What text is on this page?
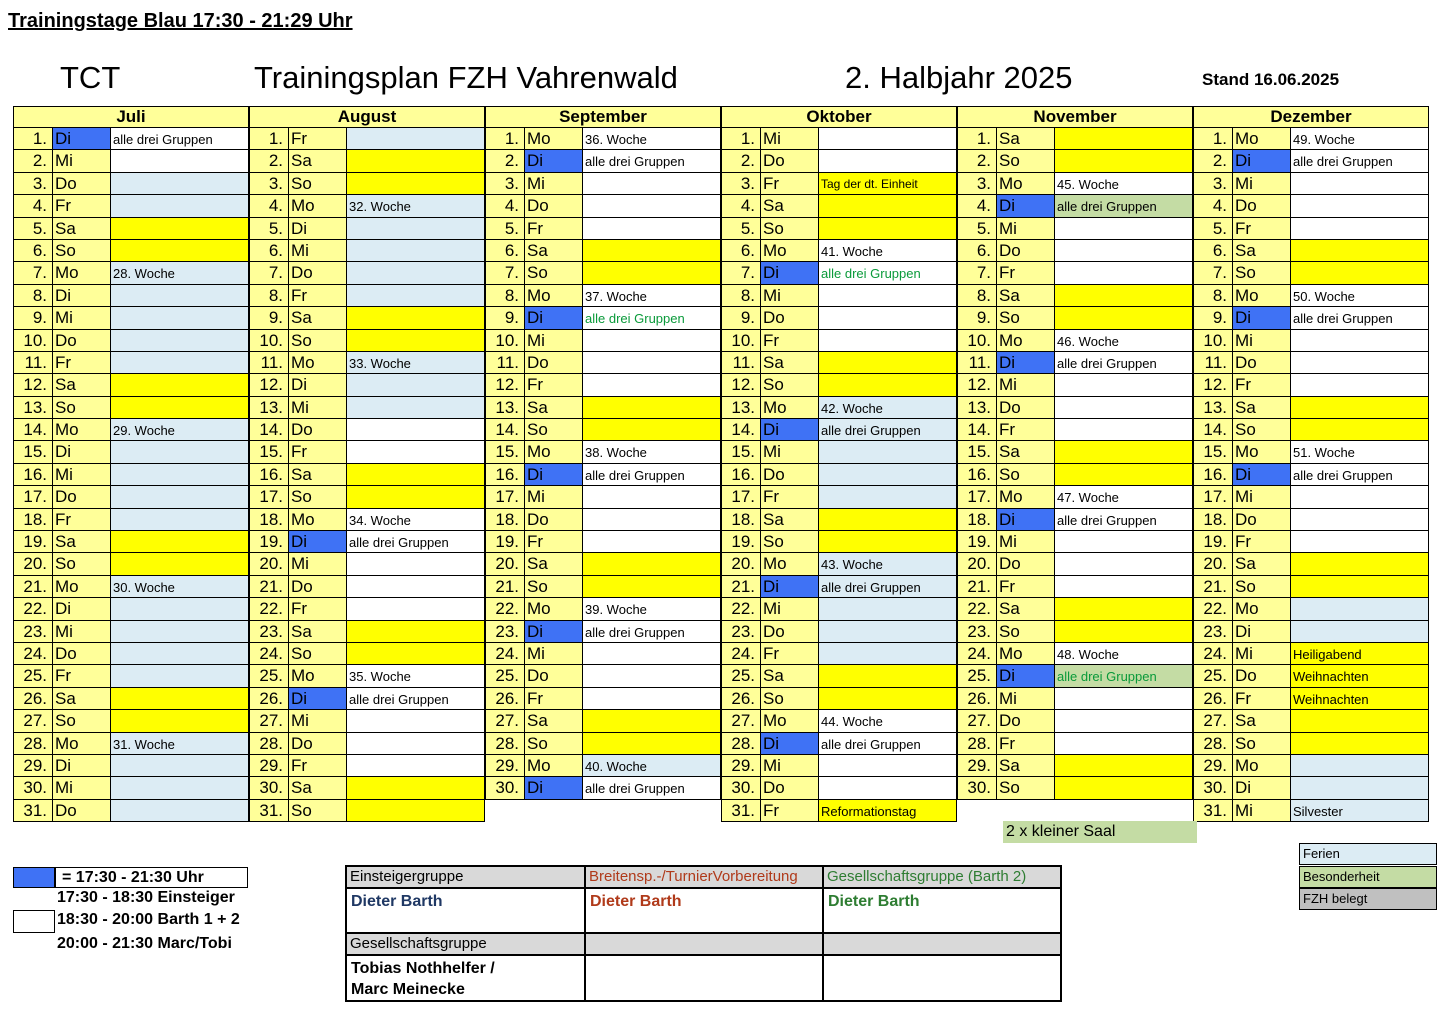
Trainingstage Blau 17:30 - 21:29 Uhr
TCT	Trainingsplan FZH Vahrenwald	2. Halbjahr 2025	Stand 16.06.2025
Juli
1. Di	alle drei Gruppen
2. Mi
3. Do
4. Fr
5. Sa
6. So
7. Mo	28. Woche
8. Di
9. Mi
10. Do
11. Fr
12. Sa
13. So
14. Mo	29. Woche
15. Di
16. Mi
17. Do
18. Fr
19. Sa
20. So
21. Mo	30. Woche
22. Di
23. Mi
24. Do
25. Fr
26. Sa
27. So
28. Mo	31. Woche
29. Di
30. Mi
31. Do
August
1. Fr
2. Sa
3. So
4. Mo	32. Woche
5. Di
6. Mi
7. Do
8. Fr
9. Sa
10. So
11. Mo	33. Woche
12. Di
13. Mi
14. Do
15. Fr
16. Sa
17. So
18. Mo	34. Woche
19. Di	alle drei Gruppen
20. Mi
21. Do
22. Fr
23. Sa
24. So
25. Mo	35. Woche
26. Di	alle drei Gruppen
27. Mi
28. Do
29. Fr
30. Sa
31. So
September
1. Mo	36. Woche
2. Di	alle drei Gruppen
3. Mi
4. Do
5. Fr
6. Sa
7. So
8. Mo	37. Woche
9. Di	alle drei Gruppen
10. Mi
11. Do
12. Fr
13. Sa
14. So
15. Mo	38. Woche
16. Di	alle drei Gruppen
17. Mi
18. Do
19. Fr
20. Sa
21. So
22. Mo	39. Woche
23. Di	alle drei Gruppen
24. Mi
25. Do
26. Fr
27. Sa
28. So
29. Mo	40. Woche
30. Di	alle drei Gruppen
Oktober
1. Mi
2. Do
3. Fr	Tag der dt. Einheit
4. Sa
5. So
6. Mo	41. Woche
7. Di	alle drei Gruppen
8. Mi
9. Do
10. Fr
11. Sa
12. So
13. Mo	42. Woche
14. Di	alle drei Gruppen
15. Mi
16. Do
17. Fr
18. Sa
19. So
20. Mo	43. Woche
21. Di	alle drei Gruppen
22. Mi
23. Do
24. Fr
25. Sa
26. So
27. Mo	44. Woche
28. Di	alle drei Gruppen
29. Mi
30. Do
31. Fr	Reformationstag
November
1. Sa
2. So
3. Mo	45. Woche
4. Di	alle drei Gruppen
5. Mi
6. Do
7. Fr
8. Sa
9. So
10. Mo	46. Woche
11. Di	alle drei Gruppen
12. Mi
13. Do
14. Fr
15. Sa
16. So
17. Mo	47. Woche
18. Di	alle drei Gruppen
19. Mi
20. Do
21. Fr
22. Sa
23. So
24. Mo	48. Woche
25. Di	alle drei Gruppen
26. Mi
27. Do
28. Fr
29. Sa
30. So
Dezember
1. Mo	49. Woche
2. Di	alle drei Gruppen
3. Mi
4. Do
5. Fr
6. Sa
7. So
8. Mo	50. Woche
9. Di	alle drei Gruppen
10. Mi
11. Do
12. Fr
13. Sa
14. So
15. Mo	51. Woche
16. Di	alle drei Gruppen
17. Mi
18. Do
19. Fr
20. Sa
21. So
22. Mo
23. Di
24. Mi	Heiligabend
25. Do	Weihnachten
26. Fr	Weihnachten
27. Sa
28. So
29. Mo
30. Di
31. Mi	Silvester
2 x kleiner Saal
Ferien
Besonderheit
FZH belegt
= 17:30 - 21:30 Uhr
17:30 - 18:30 Einsteiger
18:30 - 20:00 Barth 1 + 2
20:00 - 21:30 Marc/Tobi
Einsteigergruppe	Breitensp.-/TurnierVorbereitung	Gesellschaftsgruppe (Barth 2)
Dieter Barth	Dieter Barth	Dieter Barth
Gesellschaftsgruppe
Tobias Nothhelfer /
Marc Meinecke
